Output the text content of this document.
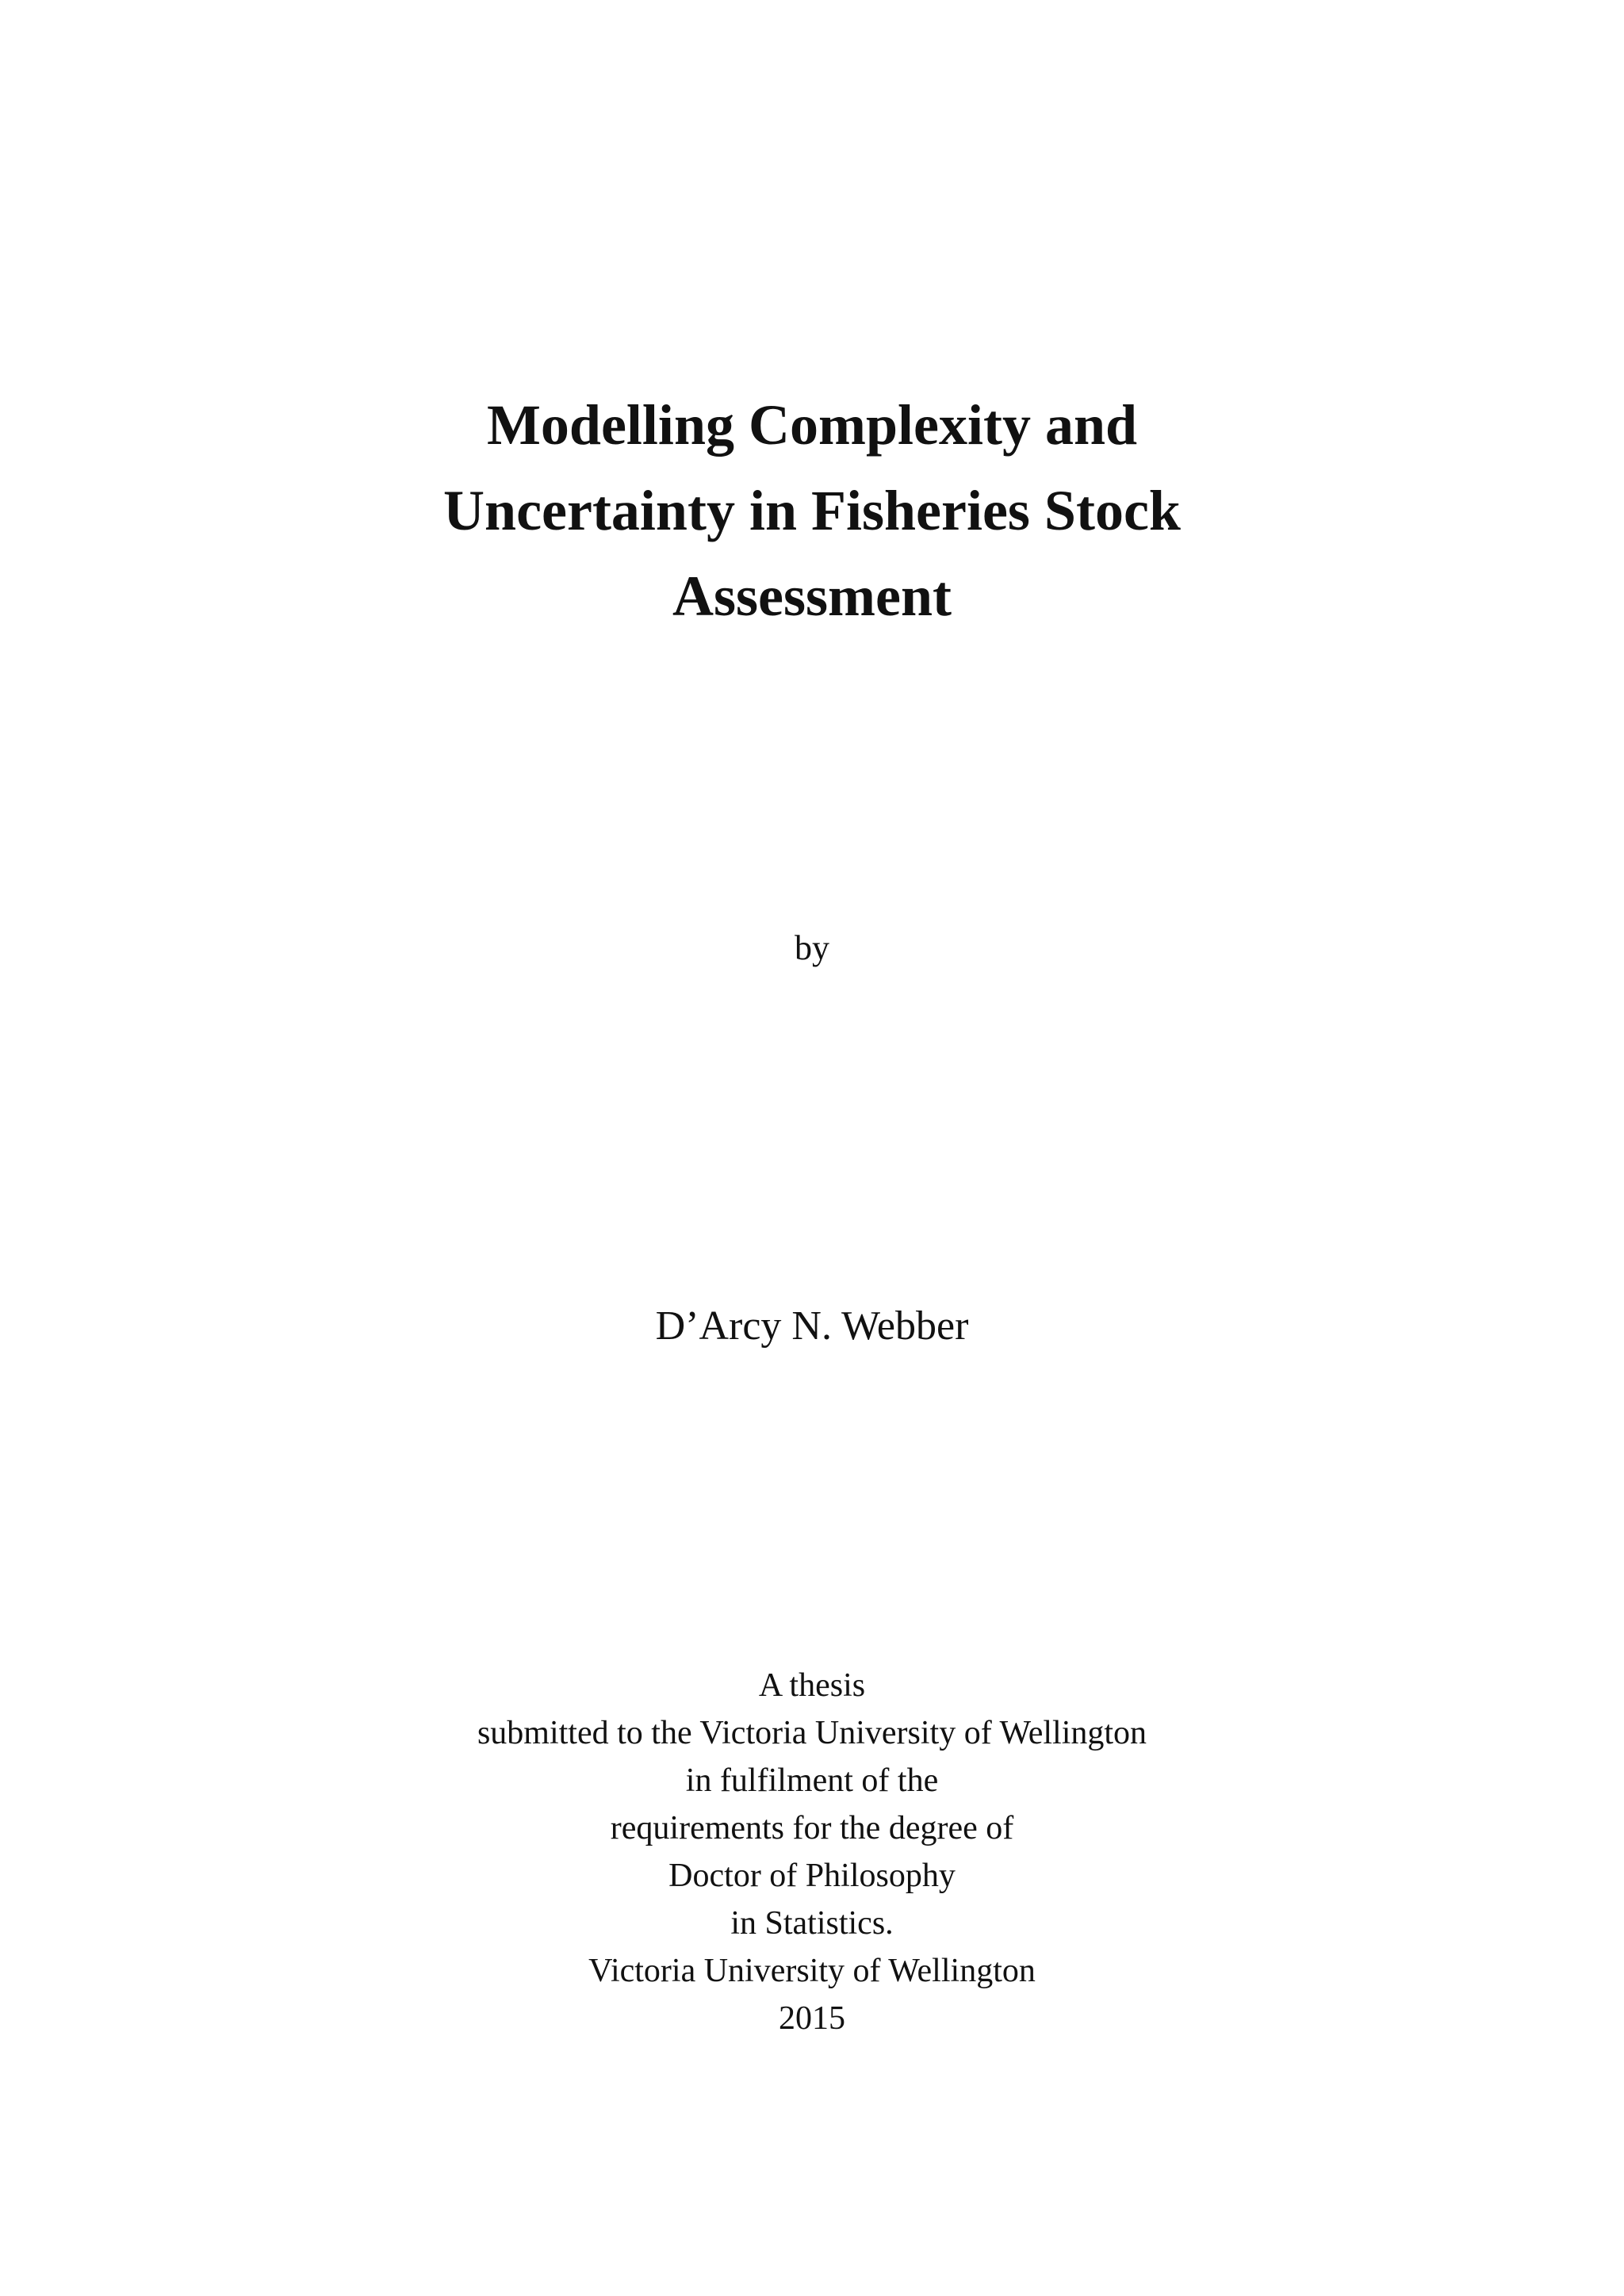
Modelling Complexity and
Uncertainty in Fisheries Stock
Assessment
by
D’Arcy N. Webber
A thesis
submitted to the Victoria University of Wellington
in fulfilment of the
requirements for the degree of
Doctor of Philosophy
in Statistics.
Victoria University of Wellington
2015
